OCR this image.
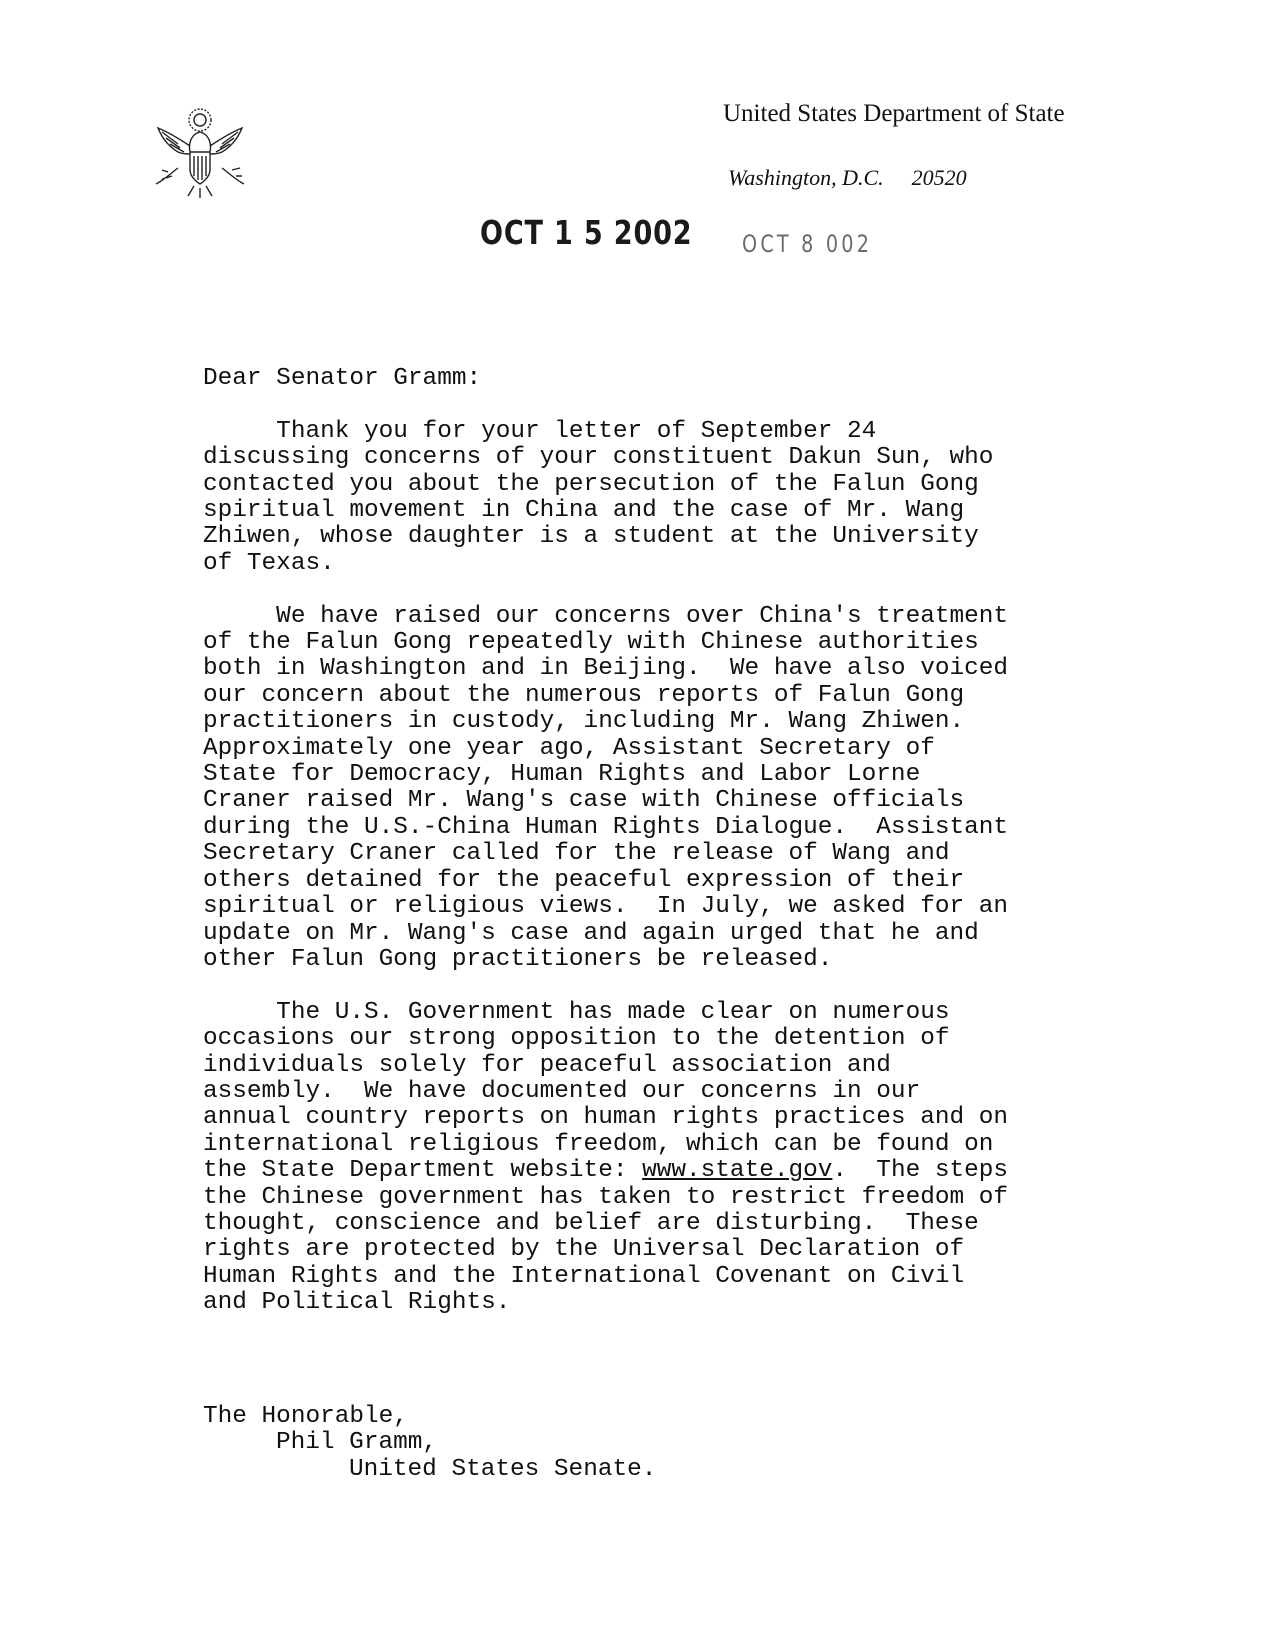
United States Department of State
Washington, D.C. 20520
OCT 1 5 2002 OCT 8 002

Dear Senator Gramm:

Thank you for your letter of September 24

discussing concerns of your constituent Dakun Sun, who

contacted you about the persecution of the Falun Gong

spiritual movement in China and the case of Mr. Wang

Zhiwen, whose daughter is a student at the University

of Texas.

We have raised our concerns over China's treatment

of the Falun Gong repeatedly with Chinese authorities

both in Washington and in Beijing.  We have also voiced

our concern about the numerous reports of Falun Gong

practitioners in custody, including Mr. Wang Zhiwen.

Approximately one year ago, Assistant Secretary of

State for Democracy, Human Rights and Labor Lorne

Craner raised Mr. Wang's case with Chinese officials

during the U.S.-China Human Rights Dialogue.  Assistant

Secretary Craner called for the release of Wang and

others detained for the peaceful expression of their

spiritual or religious views.  In July, we asked for an

update on Mr. Wang's case and again urged that he and

other Falun Gong practitioners be released.

The U.S. Government has made clear on numerous

occasions our strong opposition to the detention of

individuals solely for peaceful association and

assembly.  We have documented our concerns in our

annual country reports on human rights practices and on

international religious freedom, which can be found on

the State Department website: www.state.gov.  The steps

the Chinese government has taken to restrict freedom of

thought, conscience and belief are disturbing.  These

rights are protected by the Universal Declaration of

Human Rights and the International Covenant on Civil

and Political Rights.

The Honorable,
Phil Gramm,
United States Senate.
